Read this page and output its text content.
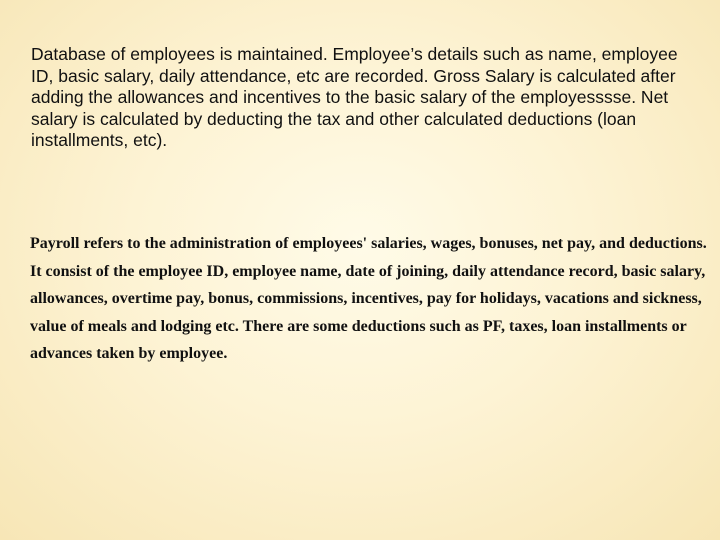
Database of employees is maintained. Employee’s details such as name, employee ID, basic salary, daily attendance, etc are recorded. Gross Salary is calculated after adding the allowances and incentives to the basic salary of the employesssse. Net salary is calculated by deducting the tax and other calculated deductions (loan installments, etc).

Payroll refers to the administration of employees' salaries, wages, bonuses, net pay, and deductions. It consist of the employee ID, employee name, date of joining, daily attendance record, basic salary, allowances, overtime pay, bonus, commissions, incentives, pay for holidays, vacations and sickness, value of meals and lodging etc. There are some deductions such as PF, taxes, loan installments or advances taken by employee.
